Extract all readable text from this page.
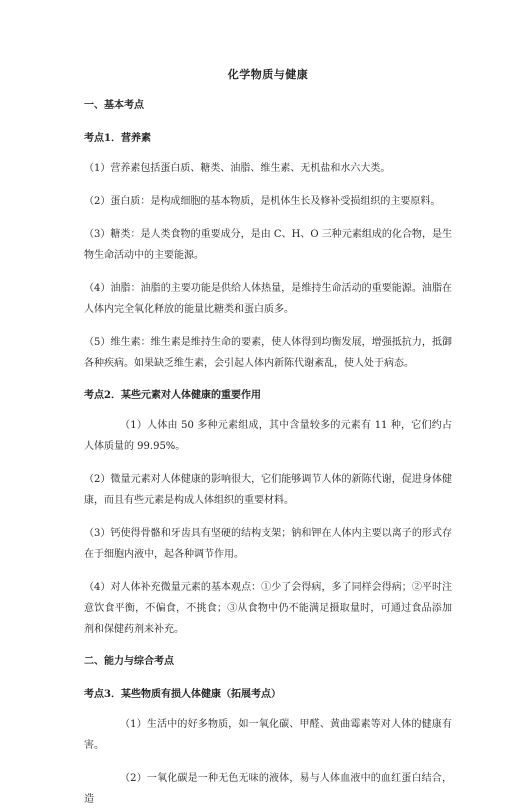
化学物质与健康
一、基本考点
考点1．营养素
（1）营养素包括蛋白质、糖类、油脂、维生素、无机盐和水六大类。
（2）蛋白质：是构成细胞的基本物质，是机体生长及修补受损组织的主要原料。
（3）糖类：是人类食物的重要成分，是由 C、H、O 三种元素组成的化合物，是生物生命活动中的主要能源。
（4）油脂：油脂的主要功能是供给人体热量，是维持生命活动的重要能源。油脂在人体内完全氧化释放的能量比糖类和蛋白质多。
（5）维生素：维生素是维持生命的要素，使人体得到均衡发展，增强抵抗力，抵御各种疾病。如果缺乏维生素，会引起人体内新陈代谢紊乱，使人处于病态。
考点2．某些元素对人体健康的重要作用
（1）人体由 50 多种元素组成，其中含量较多的元素有 11 种，它们约占人体质量的 99.95%。
（2）微量元素对人体健康的影响很大，它们能够调节人体的新陈代谢，促进身体健康，而且有些元素是构成人体组织的重要材料。
（3）钙使得骨骼和牙齿具有坚硬的结构支架；钠和钾在人体内主要以离子的形式存在于细胞内液中，起各种调节作用。
（4）对人体补充微量元素的基本观点：①少了会得病，多了同样会得病；②平时注意饮食平衡，不偏食，不挑食；③从食物中仍不能满足摄取量时，可通过食品添加剂和保健药剂来补充。
二、能力与综合考点
考点3．某些物质有损人体健康（拓展考点）
（1）生活中的好多物质，如一氧化碳、甲醛、黄曲霉素等对人体的健康有害。
（2）一氧化碳是一种无色无味的液体，易与人体血液中的血红蛋白结合，造
